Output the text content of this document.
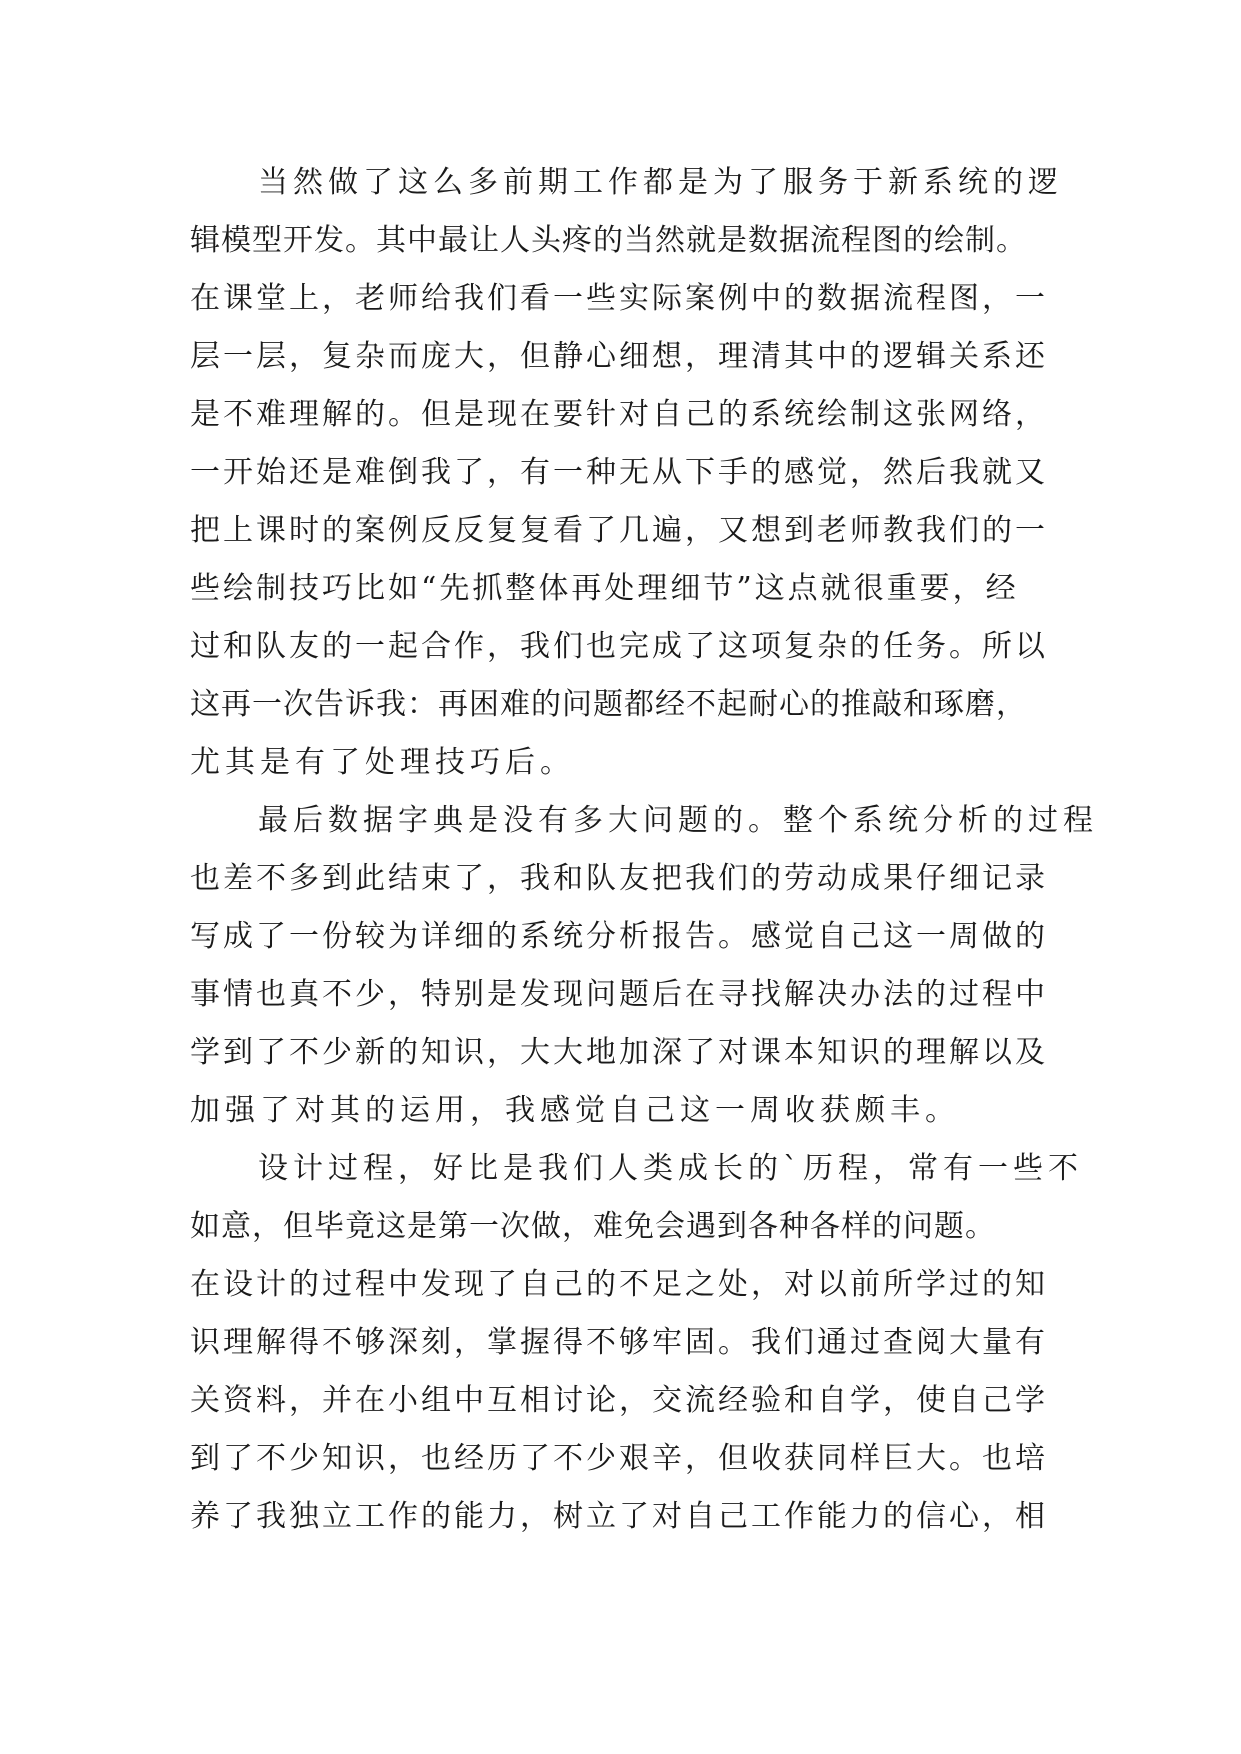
当然做了这么多前期工作都是为了服务于新系统的逻
辑模型开发。其中最让人头疼的当然就是数据流程图的绘制。
在课堂上，老师给我们看一些实际案例中的数据流程图，一
层一层，复杂而庞大，但静心细想，理清其中的逻辑关系还
是不难理解的。但是现在要针对自己的系统绘制这张网络，
一开始还是难倒我了，有一种无从下手的感觉，然后我就又
把上课时的案例反反复复看了几遍，又想到老师教我们的一
些绘制技巧比如“先抓整体再处理细节”这点就很重要，经
过和队友的一起合作，我们也完成了这项复杂的任务。所以
这再一次告诉我：再困难的问题都经不起耐心的推敲和琢磨，
尤其是有了处理技巧后。
最后数据字典是没有多大问题的。整个系统分析的过程
也差不多到此结束了，我和队友把我们的劳动成果仔细记录
写成了一份较为详细的系统分析报告。感觉自己这一周做的
事情也真不少，特别是发现问题后在寻找解决办法的过程中
学到了不少新的知识，大大地加深了对课本知识的理解以及
加强了对其的运用，我感觉自己这一周收获颇丰。
设计过程，好比是我们人类成长的`历程，常有一些不
如意，但毕竟这是第一次做，难免会遇到各种各样的问题。
在设计的过程中发现了自己的不足之处，对以前所学过的知
识理解得不够深刻，掌握得不够牢固。我们通过查阅大量有
关资料，并在小组中互相讨论，交流经验和自学，使自己学
到了不少知识，也经历了不少艰辛，但收获同样巨大。也培
养了我独立工作的能力，树立了对自己工作能力的信心，相
